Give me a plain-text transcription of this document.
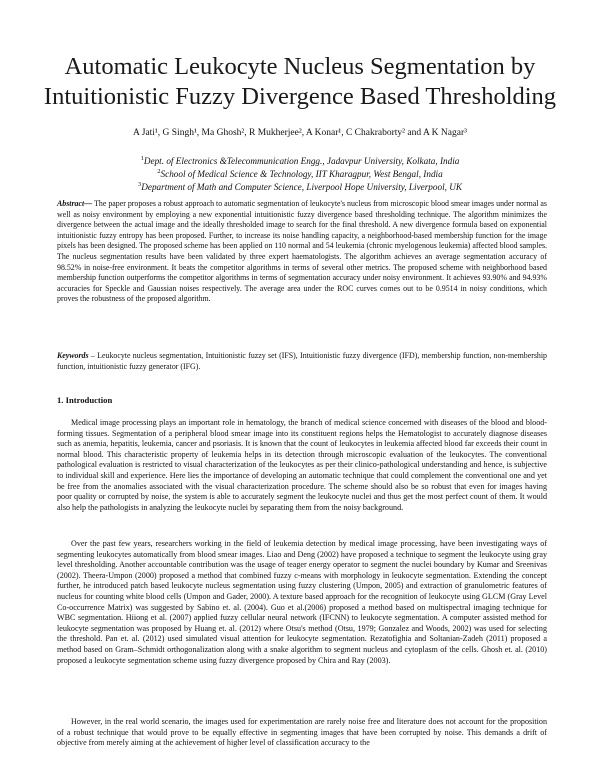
Automatic Leukocyte Nucleus Segmentation by
Intuitionistic Fuzzy Divergence Based Thresholding
A Jati¹, G Singh¹, Ma Ghosh², R Mukherjee², A Konar¹, C Chakraborty² and A K Nagar³
$^1$Dept. of Electronics &Telecommunication Engg., Jadavpur University, Kolkata, India
$^2$School of Medical Science & Technology, IIT Kharagpur, West Bengal, India
$^3$Department of Math and Computer Science, Liverpool Hope University, Liverpool, UK
Abstract— The paper proposes a robust approach to automatic segmentation of leukocyte's nucleus from microscopic blood smear images under normal as well as noisy environment by employing a new exponential intuitionistic fuzzy divergence based thresholding technique. The algorithm minimizes the divergence between the actual image and the ideally thresholded image to search for the final threshold. A new divergence formula based on exponential intuitionistic fuzzy entropy has been proposed. Further, to increase its noise handling capacity, a neighborhood-based membership function for the image pixels has been designed. The proposed scheme has been applied on 110 normal and 54 leukemia (chronic myelogenous leukemia) affected blood samples. The nucleus segmentation results have been validated by three expert haematologists. The algorithm achieves an average segmentation accuracy of 98.52% in noise-free environment. It beats the competitor algorithms in terms of several other metrics. The proposed scheme with neighborhood based membership function outperforms the competitor algorithms in terms of segmentation accuracy under noisy environment. It achieves 93.90% and 94.93% accuracies for Speckle and Gaussian noises respectively. The average area under the ROC curves comes out to be 0.9514 in noisy conditions, which proves the robustness of the proposed algorithm.
Keywords – Leukocyte nucleus segmentation, Intuitionistic fuzzy set (IFS), Intuitionistic fuzzy divergence (IFD), membership function, non-membership function, intuitionistic fuzzy generator (IFG).
1. Introduction

Medical image processing plays an important role in hematology, the branch of medical science concerned with diseases of the blood and blood-forming tissues. Segmentation of a peripheral blood smear image into its constituent regions helps the Hematologist to accurately diagnose diseases such as anemia, hepatitis, leukemia, cancer and psoriasis. It is known that the count of leukocytes in leukemia affected blood far exceeds their count in normal blood. This characteristic property of leukemia helps in its detection through microscopic evaluation of the leukocytes. The conventional pathological evaluation is restricted to visual characterization of the leukocytes as per their clinico-pathological understanding and hence, is subjective to individual skill and experience. Here lies the importance of developing an automatic technique that could complement the conventional one and yet be free from the anomalies associated with the visual characterization procedure. The scheme should also be so robust that even for images having poor quality or corrupted by noise, the system is able to accurately segment the leukocyte nuclei and thus get the most perfect count of them. It would also help the pathologists in analyzing the leukocyte nuclei by separating them from the noisy background.

Over the past few years, researchers working in the field of leukemia detection by medical image processing, have been investigating ways of segmenting leukocytes automatically from blood smear images. Liao and Deng (2002) have proposed a technique to segment the leukocyte using gray level thresholding. Another accountable contribution was the usage of teager energy operator to segment the nuclei boundary by Kumar and Sreenivas (2002). Theera-Umpon (2000) proposed a method that combined fuzzy c-means with morphology in leukocyte segmentation. Extending the concept further, he introduced patch based leukocyte nucleus segmentation using fuzzy clustering (Umpon, 2005) and extraction of granulometric features of nucleus for counting white blood cells (Umpon and Gader, 2000). A texture based approach for the recognition of leukocyte using GLCM (Gray Level Co-occurrence Matrix) was suggested by Sabino et. al. (2004). Guo et al.(2006) proposed a method based on multispectral imaging technique for WBC segmentation. Hiiong et al. (2007) applied fuzzy cellular neural network (IFCNN) to leukocyte segmentation. A computer assisted method for leukocyte segmentation was proposed by Huang et. al. (2012) where Otsu's method (Otsu, 1979; Gonzalez and Woods, 2002) was used for selecting the threshold. Pan et. al. (2012) used simulated visual attention for leukocyte segmentation. Rezatofighia and Soltanian-Zadeh (2011) proposed a method based on Gram–Schmidt orthogonalization along with a snake algorithm to segment nucleus and cytoplasm of the cells. Ghosh et. al. (2010) proposed a leukocyte segmentation scheme using fuzzy divergence proposed by Chira and Ray (2003).

However, in the real world scenario, the images used for experimentation are rarely noise free and literature does not account for the proposition of a robust technique that would prove to be equally effective in segmenting images that have been corrupted by noise. This demands a drift of objective from merely aiming at the achievement of higher level of classification accuracy to the
